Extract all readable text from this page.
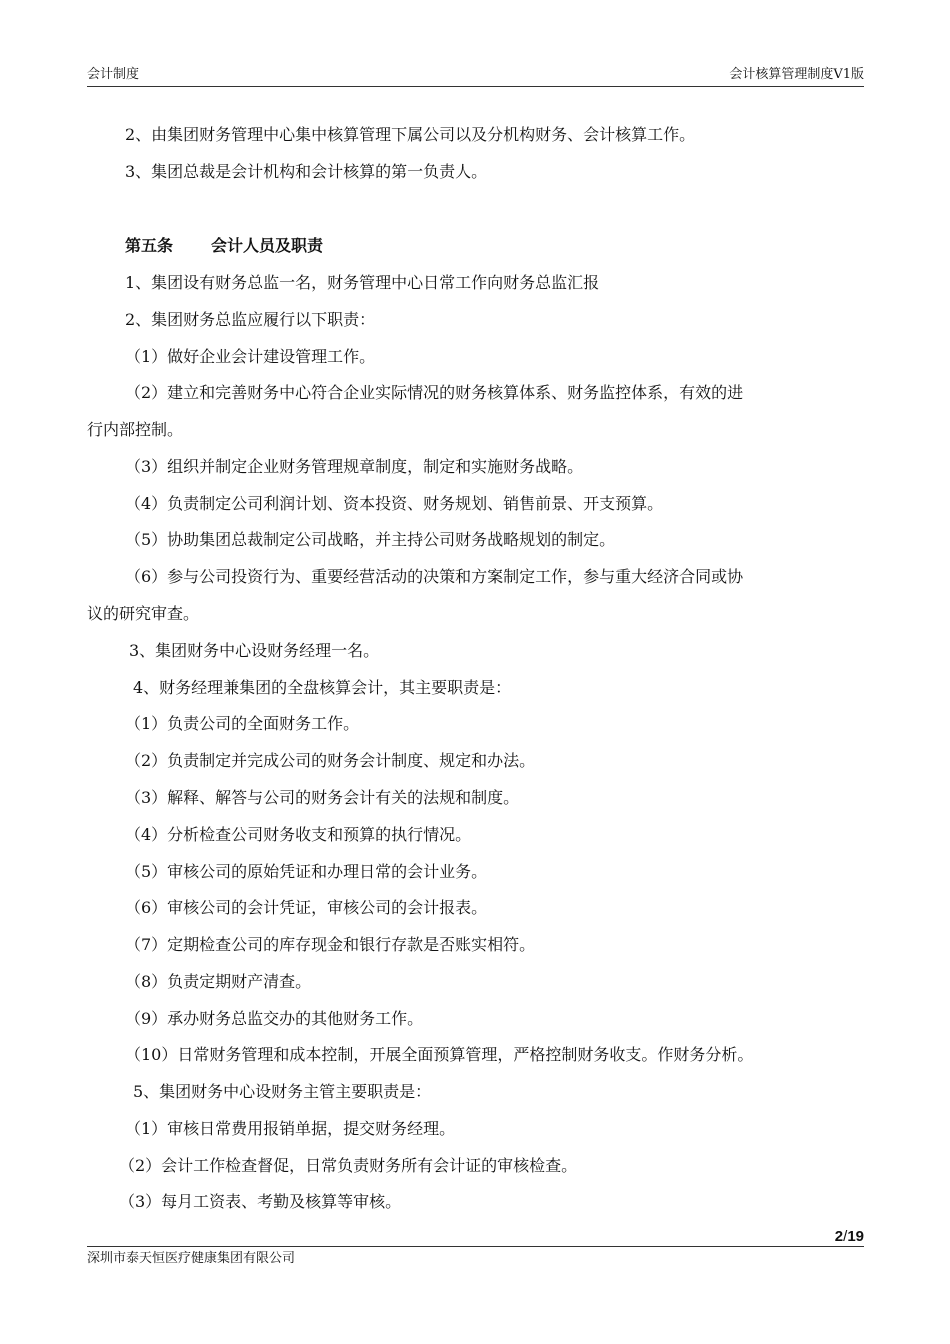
会计制度	会计核算管理制度V1版
2、由集团财务管理中心集中核算管理下属公司以及分机构财务、会计核算工作。
3、集团总裁是会计机构和会计核算的第一负责人。
第五条 会计人员及职责
1、集团设有财务总监一名，财务管理中心日常工作向财务总监汇报
2、集团财务总监应履行以下职责：
（1）做好企业会计建设管理工作。
（2）建立和完善财务中心符合企业实际情况的财务核算体系、财务监控体系，有效的进
行内部控制。
（3）组织并制定企业财务管理规章制度，制定和实施财务战略。
（4）负责制定公司利润计划、资本投资、财务规划、销售前景、开支预算。
（5）协助集团总裁制定公司战略，并主持公司财务战略规划的制定。
（6）参与公司投资行为、重要经营活动的决策和方案制定工作，参与重大经济合同或协
议的研究审查。
3、集团财务中心设财务经理一名。
4、财务经理兼集团的全盘核算会计，其主要职责是：
（1）负责公司的全面财务工作。
（2）负责制定并完成公司的财务会计制度、规定和办法。
（3）解释、解答与公司的财务会计有关的法规和制度。
（4）分析检查公司财务收支和预算的执行情况。
（5）审核公司的原始凭证和办理日常的会计业务。
（6）审核公司的会计凭证，审核公司的会计报表。
（7）定期检查公司的库存现金和银行存款是否账实相符。
（8）负责定期财产清查。
（9）承办财务总监交办的其他财务工作。
（10）日常财务管理和成本控制，开展全面预算管理，严格控制财务收支。作财务分析。
5、集团财务中心设财务主管主要职责是：
（1）审核日常费用报销单据，提交财务经理。
（2）会计工作检查督促，日常负责财务所有会计证的审核检查。
（3）每月工资表、考勤及核算等审核。
2/19
深圳市泰天恒医疗健康集团有限公司
